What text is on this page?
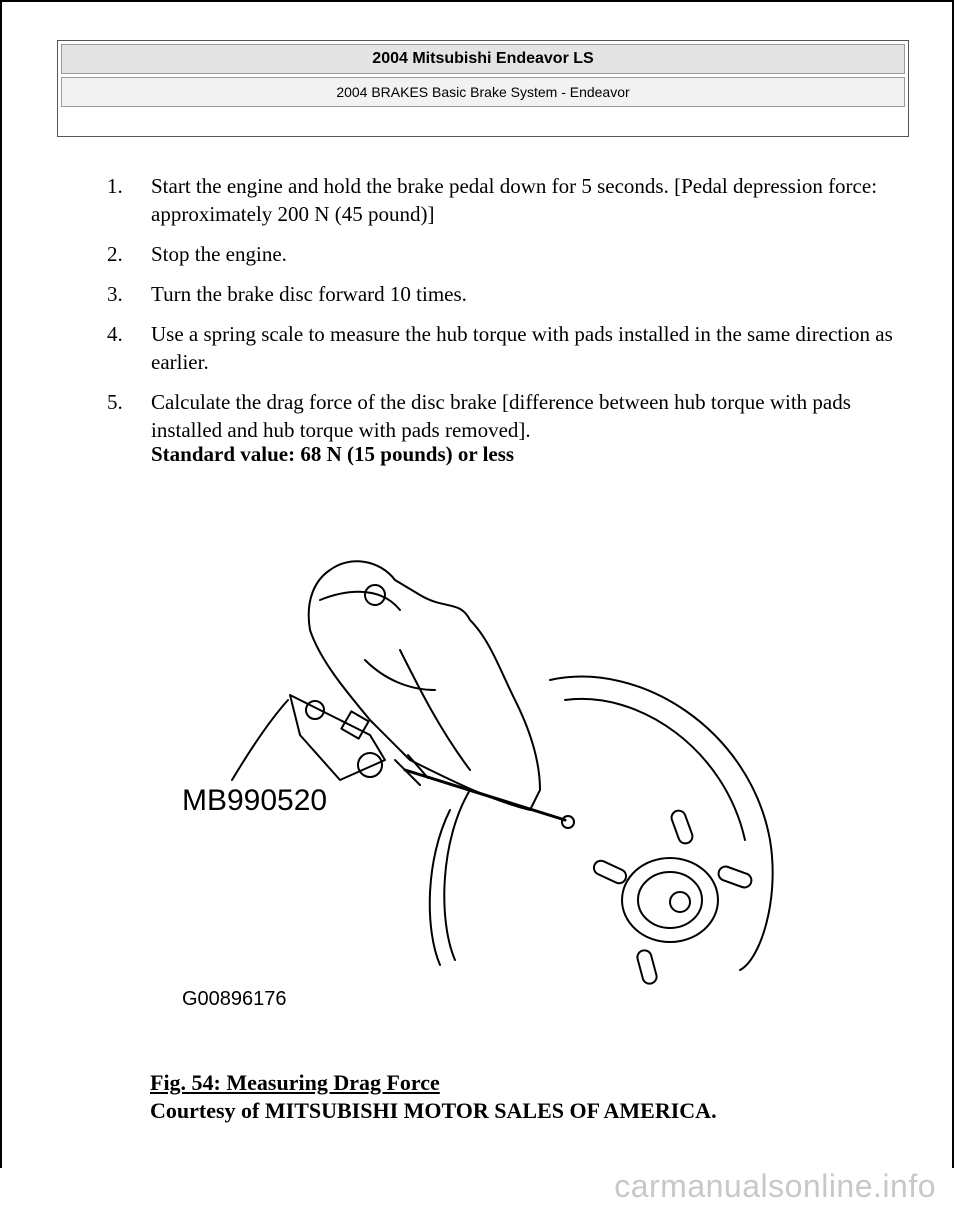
2004 Mitsubishi Endeavor LS
2004 BRAKES Basic Brake System - Endeavor
1. Start the engine and hold the brake pedal down for 5 seconds. [Pedal depression force: approximately 200 N (45 pound)]
2. Stop the engine.
3. Turn the brake disc forward 10 times.
4. Use a spring scale to measure the hub torque with pads installed in the same direction as earlier.
5. Calculate the drag force of the disc brake [difference between hub torque with pads installed and hub torque with pads removed].
Standard value: 68 N (15 pounds) or less
MB990520
G00896176
Fig. 54: Measuring Drag Force
Courtesy of MITSUBISHI MOTOR SALES OF AMERICA.
carmanualsonline.info
